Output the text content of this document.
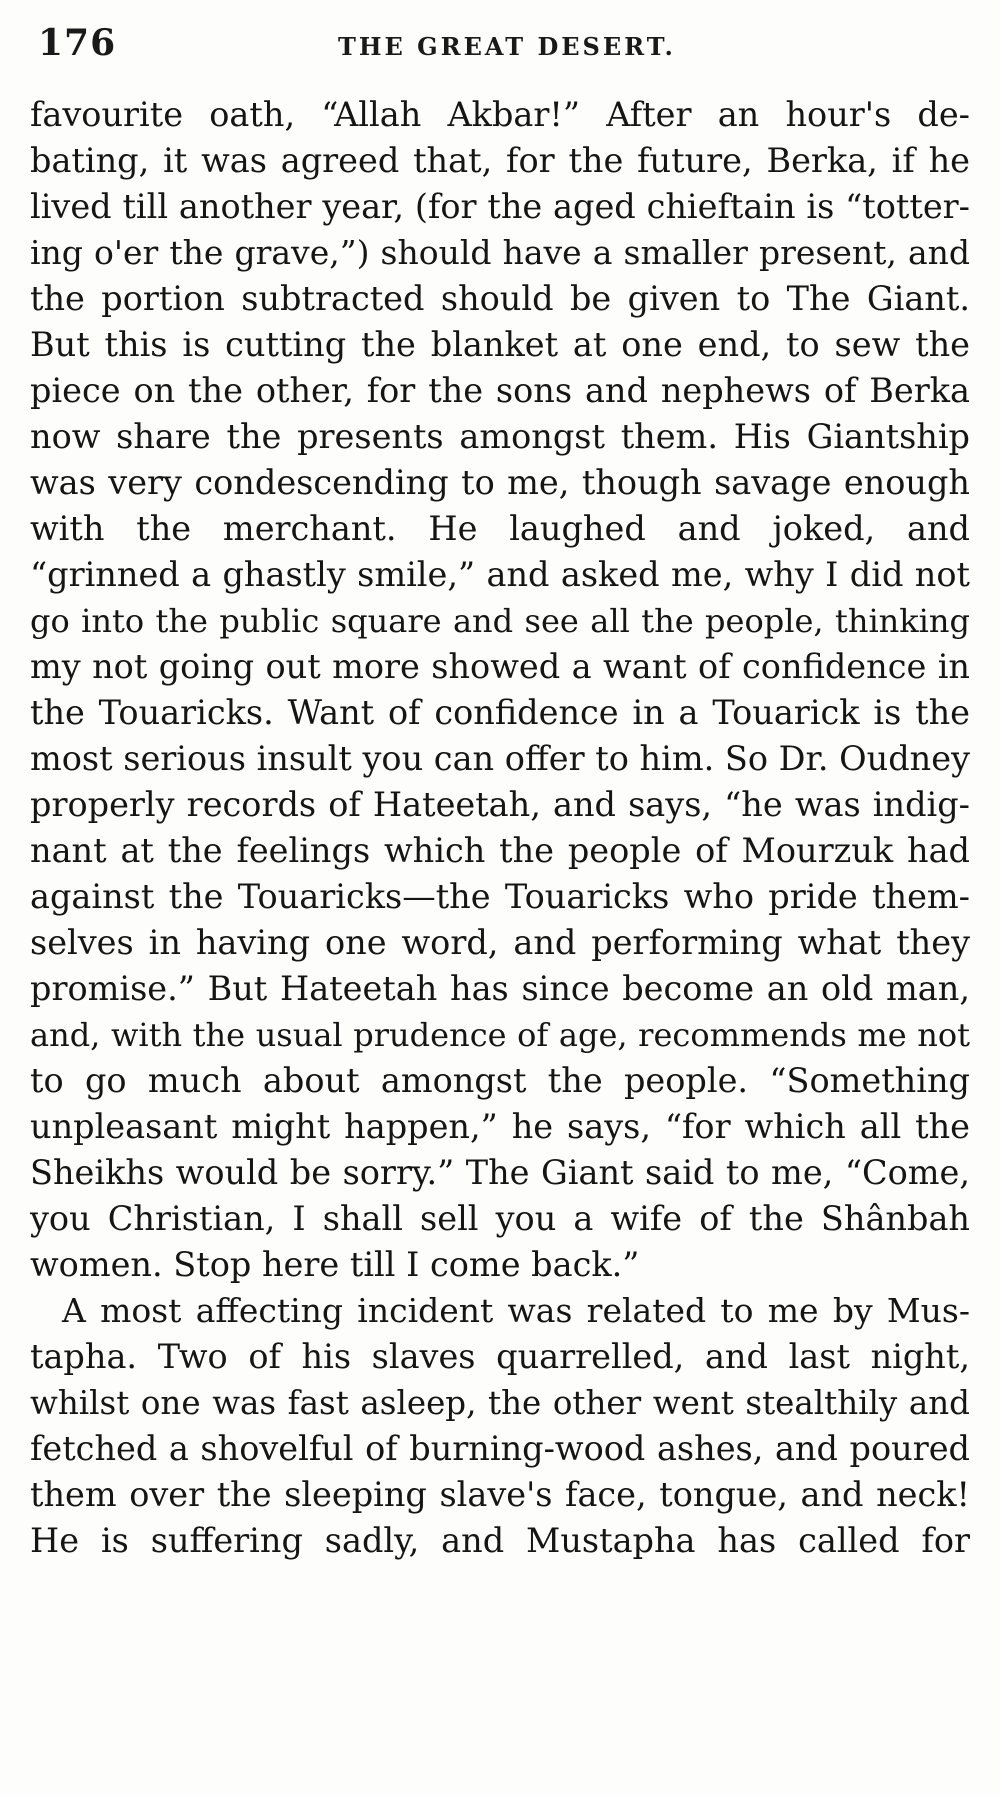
176	THE GREAT DESERT.
favourite oath, “Allah Akbar!” After an hour's de-
bating, it was agreed that, for the future, Berka, if he
lived till another year, (for the aged chieftain is “totter-
ing o'er the grave,”) should have a smaller present, and
the portion subtracted should be given to The Giant.
But this is cutting the blanket at one end, to sew the
piece on the other, for the sons and nephews of Berka
now share the presents amongst them. His Giantship
was very condescending to me, though savage enough
with the merchant. He laughed and joked, and
“grinned a ghastly smile,” and asked me, why I did not
go into the public square and see all the people, thinking
my not going out more showed a want of confidence in
the Touaricks. Want of confidence in a Touarick is the
most serious insult you can offer to him. So Dr. Oudney
properly records of Hateetah, and says, “he was indig-
nant at the feelings which the people of Mourzuk had
against the Touaricks—the Touaricks who pride them-
selves in having one word, and performing what they
promise.” But Hateetah has since become an old man,
and, with the usual prudence of age, recommends me not
to go much about amongst the people. “Something
unpleasant might happen,” he says, “for which all the
Sheikhs would be sorry.” The Giant said to me, “Come,
you Christian, I shall sell you a wife of the Shânbah
women. Stop here till I come back.”
A most affecting incident was related to me by Mus-
tapha. Two of his slaves quarrelled, and last night,
whilst one was fast asleep, the other went stealthily and
fetched a shovelful of burning-wood ashes, and poured
them over the sleeping slave's face, tongue, and neck!
He is suffering sadly, and Mustapha has called for
